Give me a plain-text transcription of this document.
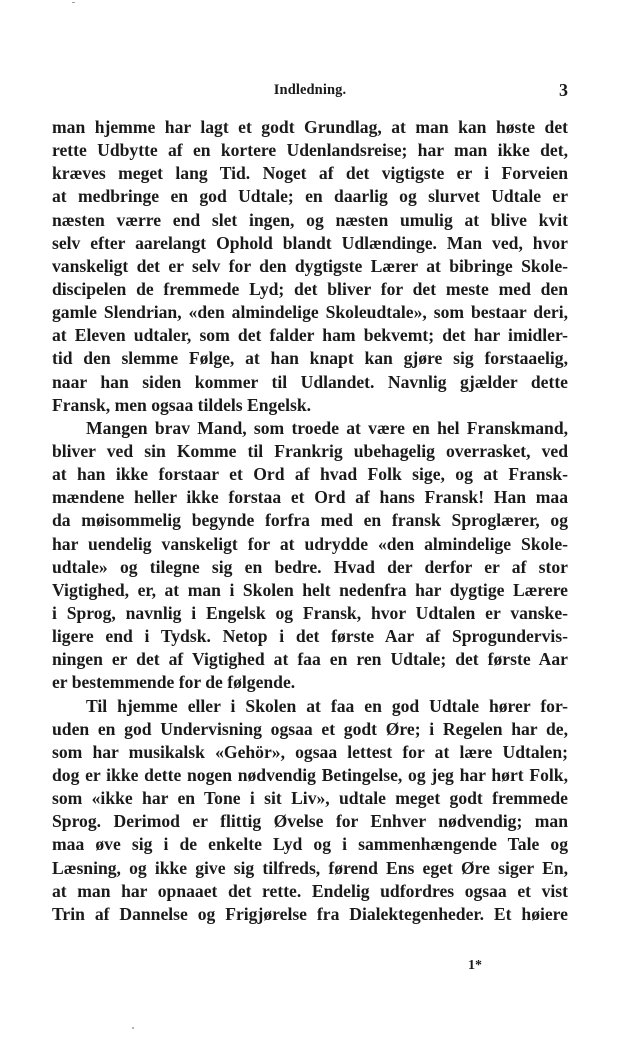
Indledning.	3
man hjemme har lagt et godt Grundlag, at man kan høste det
rette Udbytte af en kortere Udenlandsreise; har man ikke det,
kræves meget lang Tid. Noget af det vigtigste er i Forveien
at medbringe en god Udtale; en daarlig og slurvet Udtale er
næsten værre end slet ingen, og næsten umulig at blive kvit
selv efter aarelangt Ophold blandt Udlændinge. Man ved, hvor
vanskeligt det er selv for den dygtigste Lærer at bibringe Skole-
discipelen de fremmede Lyd; det bliver for det meste med den
gamle Slendrian, «den almindelige Skoleudtale», som bestaar deri,
at Eleven udtaler, som det falder ham bekvemt; det har imidler-
tid den slemme Følge, at han knapt kan gjøre sig forstaaelig,
naar han siden kommer til Udlandet. Navnlig gjælder dette
Fransk, men ogsaa tildels Engelsk.
Mangen brav Mand, som troede at være en hel Franskmand,
bliver ved sin Komme til Frankrig ubehagelig overrasket, ved
at han ikke forstaar et Ord af hvad Folk sige, og at Fransk-
mændene heller ikke forstaa et Ord af hans Fransk! Han maa
da møisommelig begynde forfra med en fransk Sproglærer, og
har uendelig vanskeligt for at udrydde «den almindelige Skole-
udtale» og tilegne sig en bedre. Hvad der derfor er af stor
Vigtighed, er, at man i Skolen helt nedenfra har dygtige Lærere
i Sprog, navnlig i Engelsk og Fransk, hvor Udtalen er vanske-
ligere end i Tydsk. Netop i det første Aar af Sprogundervis-
ningen er det af Vigtighed at faa en ren Udtale; det første Aar
er bestemmende for de følgende.
Til hjemme eller i Skolen at faa en god Udtale hører for-
uden en god Undervisning ogsaa et godt Øre; i Regelen har de,
som har musikalsk «Gehör», ogsaa lettest for at lære Udtalen;
dog er ikke dette nogen nødvendig Betingelse, og jeg har hørt Folk,
som «ikke har en Tone i sit Liv», udtale meget godt fremmede
Sprog. Derimod er flittig Øvelse for Enhver nødvendig; man
maa øve sig i de enkelte Lyd og i sammenhængende Tale og
Læsning, og ikke give sig tilfreds, førend Ens eget Øre siger En,
at man har opnaaet det rette. Endelig udfordres ogsaa et vist
Trin af Dannelse og Frigjørelse fra Dialektegenheder. Et høiere
1*
